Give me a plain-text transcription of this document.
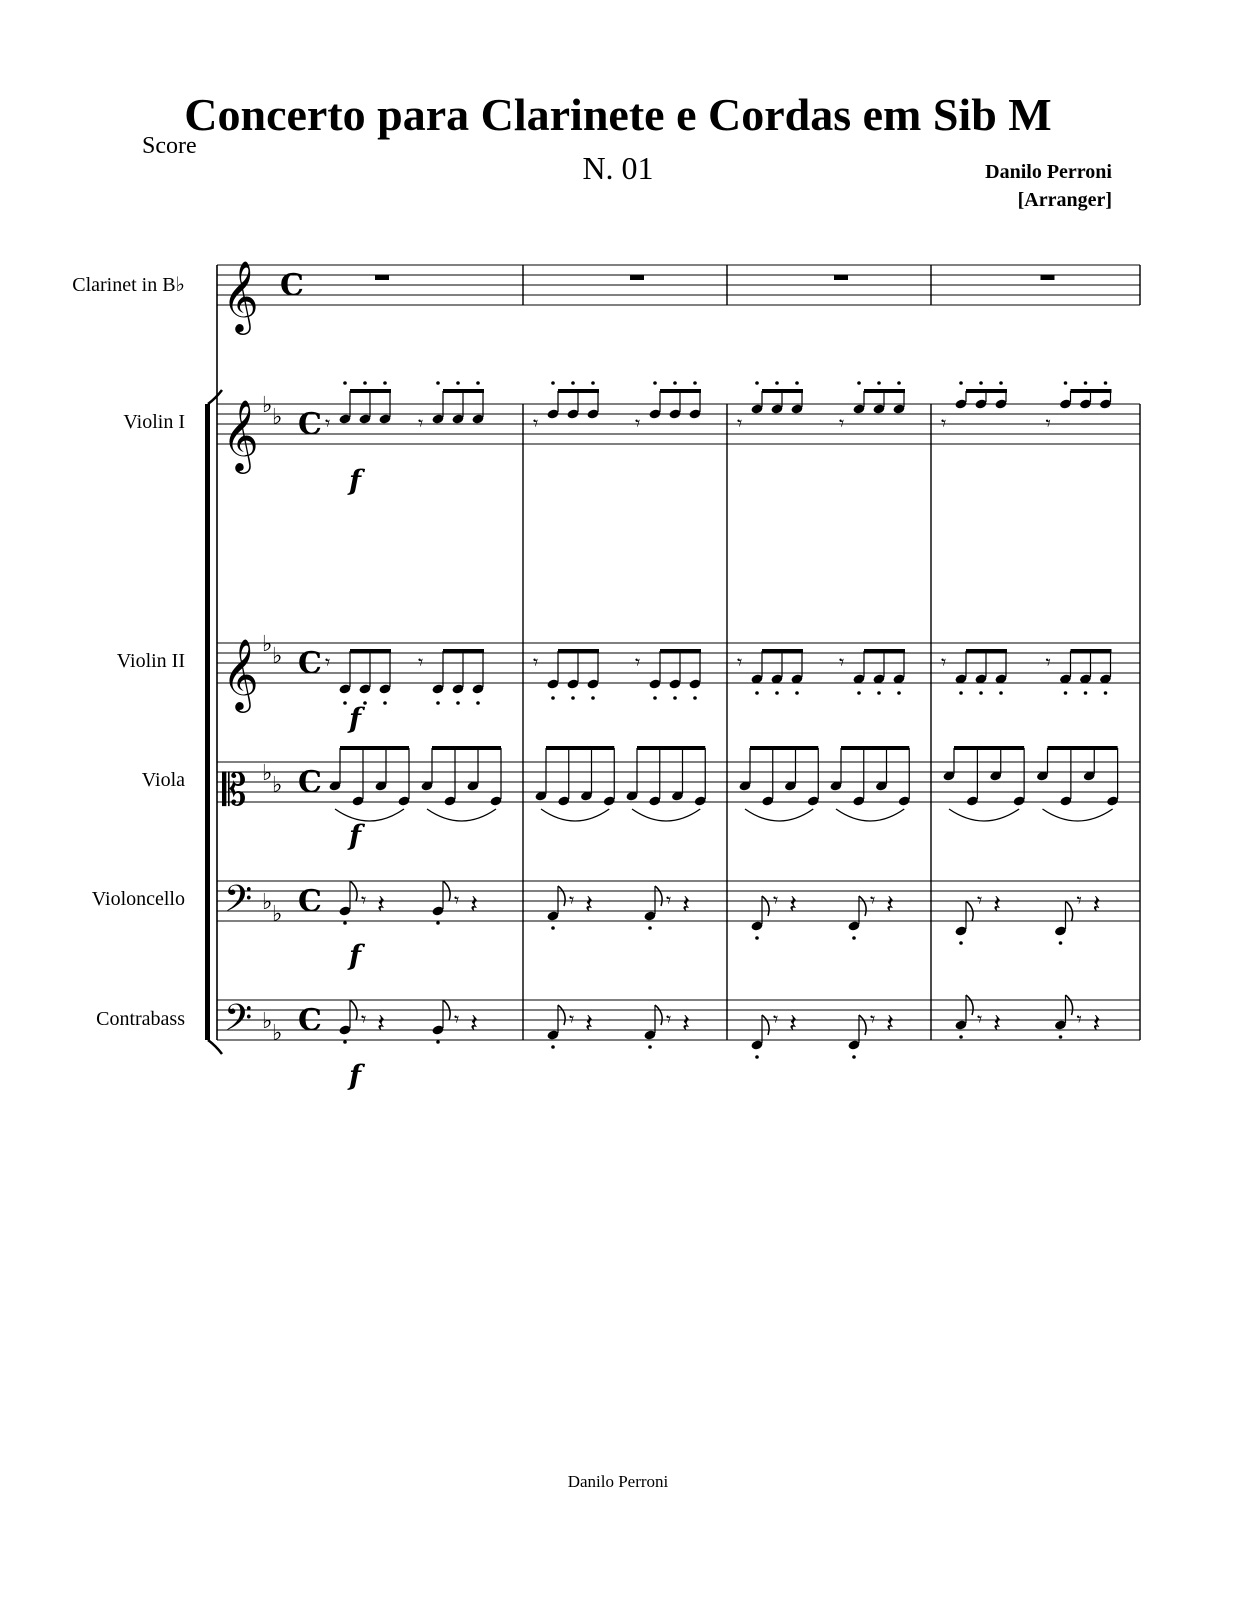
Score
Concerto para Clarinete e Cordas em Sib M
N. 01	Danilo Perroni
[Arranger]
Clarinet in B♭
Violin I
Violin II
Viola
Violoncello
Contrabass
𝄞 C
𝄞 ♭ ♭ C
𝄞 ♭ ♭ C
𝄡 ♭ ♭ C
𝄢 ♭ ♭ C
𝄢 ♭ ♭ C
𝄾	𝄾	𝄾	𝄾	𝄾	𝄾	𝄾	𝄾
𝄾	𝄾	𝄾	𝄾	𝄾	𝄾	𝄾	𝄾
𝄾 𝄽	𝄾 𝄽	𝄾 𝄽	𝄾 𝄽	𝄾 𝄽	𝄾 𝄽	𝄾 𝄽	𝄾 𝄽
𝄾 𝄽	𝄾 𝄽	𝄾 𝄽	𝄾 𝄽	𝄾 𝄽	𝄾 𝄽	𝄾 𝄽	𝄾 𝄽
f
f
f
f
f
Danilo Perroni
